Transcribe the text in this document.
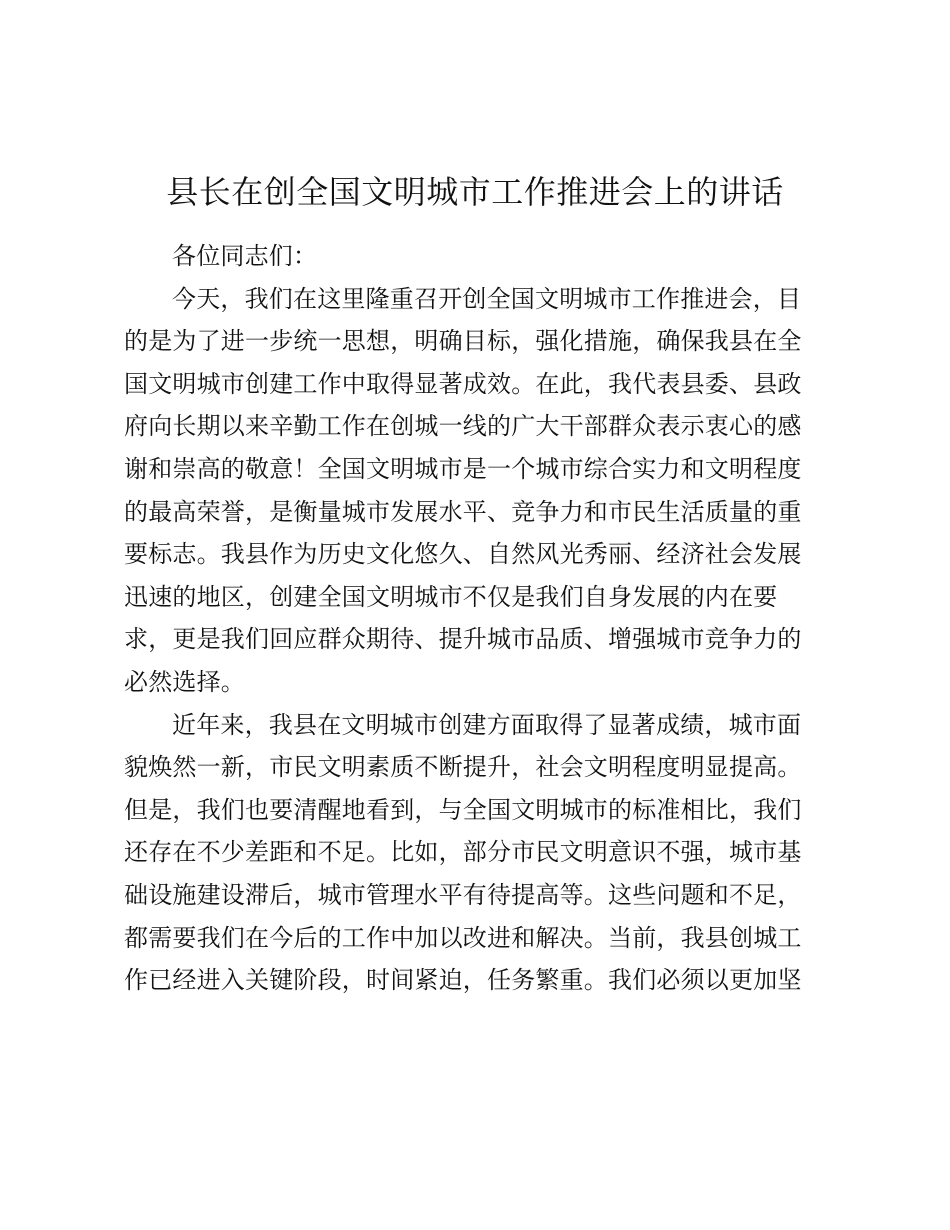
县长在创全国文明城市工作推进会上的讲话
各位同志们：
今天，我们在这里隆重召开创全国文明城市工作推进会，目
的是为了进一步统一思想，明确目标，强化措施，确保我县在全
国文明城市创建工作中取得显著成效。在此，我代表县委、县政
府向长期以来辛勤工作在创城一线的广大干部群众表示衷心的感
谢和崇高的敬意！全国文明城市是一个城市综合实力和文明程度
的最高荣誉，是衡量城市发展水平、竞争力和市民生活质量的重
要标志。我县作为历史文化悠久、自然风光秀丽、经济社会发展
迅速的地区，创建全国文明城市不仅是我们自身发展的内在要
求，更是我们回应群众期待、提升城市品质、增强城市竞争力的
必然选择。
近年来，我县在文明城市创建方面取得了显著成绩，城市面
貌焕然一新，市民文明素质不断提升，社会文明程度明显提高。
但是，我们也要清醒地看到，与全国文明城市的标准相比，我们
还存在不少差距和不足。比如，部分市民文明意识不强，城市基
础设施建设滞后，城市管理水平有待提高等。这些问题和不足，
都需要我们在今后的工作中加以改进和解决。当前，我县创城工
作已经进入关键阶段，时间紧迫，任务繁重。我们必须以更加坚
